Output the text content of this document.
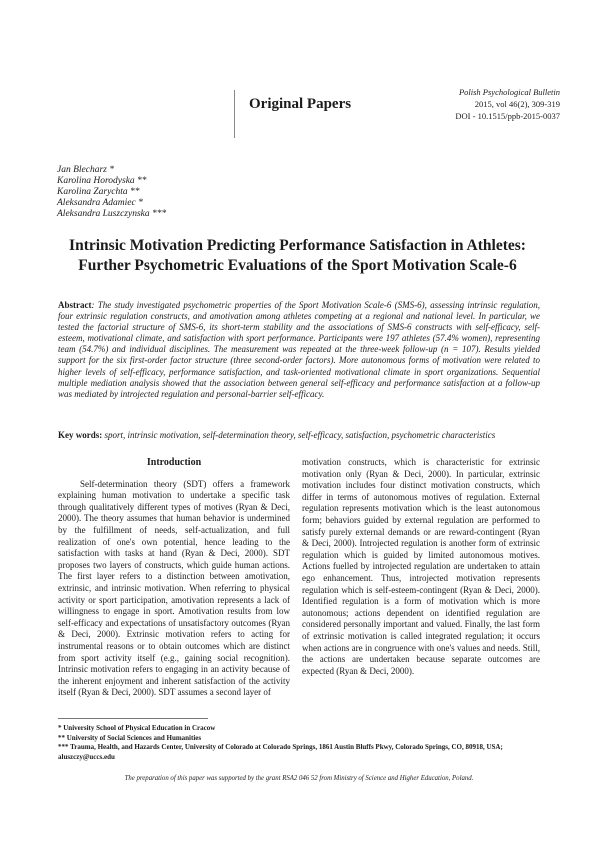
Original Papers
Polish Psychological Bulletin
2015, vol 46(2), 309-319
DOI - 10.1515/ppb-2015-0037
Jan Blecharz *
Karolina Horodyska **
Karolina Zarychta **
Aleksandra Adamiec *
Aleksandra Luszczynska ***
Intrinsic Motivation Predicting Performance Satisfaction in Athletes:
Further Psychometric Evaluations of the Sport Motivation Scale-6
Abstract: The study investigated psychometric properties of the Sport Motivation Scale-6 (SMS-6), assessing intrinsic regulation, four extrinsic regulation constructs, and amotivation among athletes competing at a regional and national level. In particular, we tested the factorial structure of SMS-6, its short-term stability and the associations of SMS-6 constructs with self-efficacy, self-esteem, motivational climate, and satisfaction with sport performance. Participants were 197 athletes (57.4% women), representing team (54.7%) and individual disciplines. The measurement was repeated at the three-week follow-up (n = 107). Results yielded support for the six first-order factor structure (three second-order factors). More autonomous forms of motivation were related to higher levels of self-efficacy, performance satisfaction, and task-oriented motivational climate in sport organizations. Sequential multiple mediation analysis showed that the association between general self-efficacy and performance satisfaction at a follow-up was mediated by introjected regulation and personal-barrier self-efficacy.
Key words: sport, intrinsic motivation, self-determination theory, self-efficacy, satisfaction, psychometric characteristics
Introduction

Self-determination theory (SDT) offers a framework explaining human motivation to undertake a specific task through qualitatively different types of motives (Ryan & Deci, 2000). The theory assumes that human behavior is undermined by the fulfillment of needs, self-actualization, and full realization of one's own potential, hence leading to the satisfaction with tasks at hand (Ryan & Deci, 2000). SDT proposes two layers of constructs, which guide human actions. The first layer refers to a distinction between amotivation, extrinsic, and intrinsic motivation. When referring to physical activity or sport participation, amotivation represents a lack of willingness to engage in sport. Amotivation results from low self-efficacy and expectations of unsatisfactory outcomes (Ryan & Deci, 2000). Extrinsic motivation refers to acting for instrumental reasons or to obtain outcomes which are distinct from sport activity itself (e.g., gaining social recognition). Intrinsic motivation refers to engaging in an activity because of the inherent enjoyment and inherent satisfaction of the activity itself (Ryan & Deci, 2000). SDT assumes a second layer of

motivation constructs, which is characteristic for extrinsic motivation only (Ryan & Deci, 2000). In particular, extrinsic motivation includes four distinct motivation constructs, which differ in terms of autonomous motives of regulation. External regulation represents motivation which is the least autonomous form; behaviors guided by external regulation are performed to satisfy purely external demands or are reward-contingent (Ryan & Deci, 2000). Introjected regulation is another form of extrinsic regulation which is guided by limited autonomous motives. Actions fuelled by introjected regulation are undertaken to attain ego enhancement. Thus, introjected motivation represents regulation which is self-esteem-contingent (Ryan & Deci, 2000). Identified regulation is a form of motivation which is more autonomous; actions dependent on identified regulation are considered personally important and valued. Finally, the last form of extrinsic motivation is called integrated regulation; it occurs when actions are in congruence with one's values and needs. Still, the actions are undertaken because separate outcomes are expected (Ryan & Deci, 2000).

* University School of Physical Education in Cracow
** University of Social Sciences and Humanities
*** Trauma, Health, and Hazards Center, University of Colorado at Colorado Springs, 1861 Austin Bluffs Pkwy, Colorado Springs, CO, 80918, USA; aluszczy@uccs.edu
The preparation of this paper was supported by the grant RSA2 046 52 from Ministry of Science and Higher Education, Poland.
